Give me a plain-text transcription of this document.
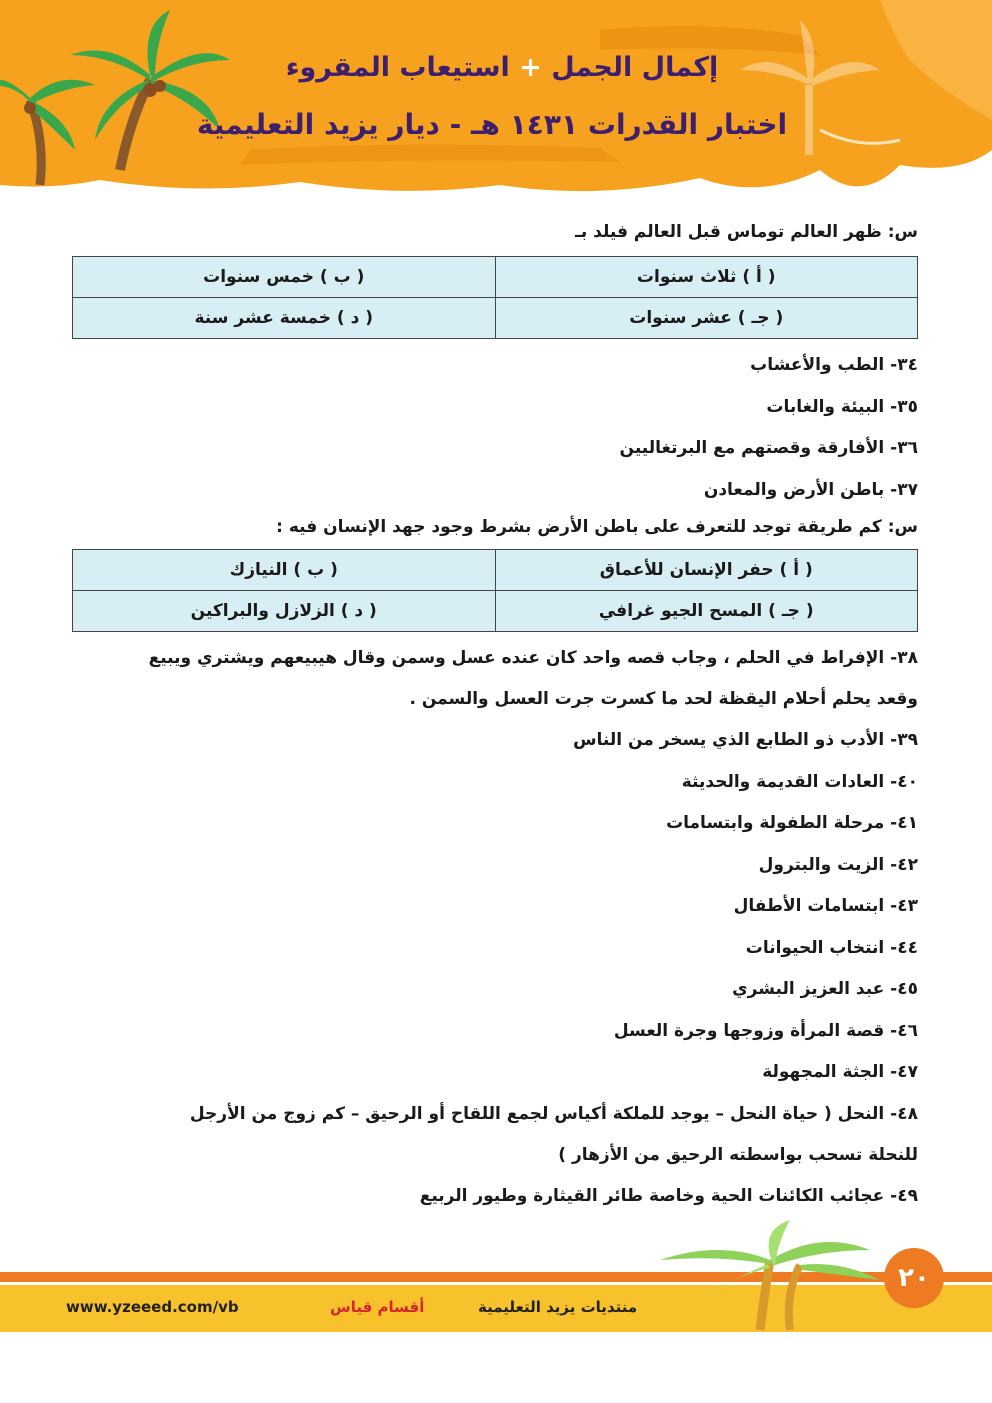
إكمال الجمل + استيعاب المقروء
اختبار القدرات ١٤٣١ هـ - ديار يزيد التعليمية

س: ظهر العالم توماس قبل العالم فيلد بـ

( أ ) ثلاث سنوات	( ب ) خمس سنوات
( جـ ) عشر سنوات	( د ) خمسة عشر سنة

٣٤- الطب والأعشاب

٣٥- البيئة والغابات

٣٦- الأفارقة وقصتهم مع البرتغاليين

٣٧- باطن الأرض والمعادن

س: كم طريقة توجد للتعرف على باطن الأرض بشرط وجود جهد الإنسان فيه :

( أ ) حفر الإنسان للأعماق	( ب ) النيازك
( جـ ) المسح الجيو غرافي	( د ) الزلازل والبراكين

٣٨- الإفراط في الحلم ، وجاب قصه واحد كان عنده عسل وسمن وقال هيبيعهم ويشتري ويبيع

وقعد يحلم أحلام اليقظة لحد ما كسرت جرت العسل والسمن .

٣٩- الأدب ذو الطابع الذي يسخر من الناس

٤٠- العادات القديمة والحديثة

٤١- مرحلة الطفولة وابتسامات

٤٢- الزيت والبترول

٤٣- ابتسامات الأطفال

٤٤- انتخاب الحيوانات

٤٥- عبد العزيز البشري

٤٦- قصة المرأة وزوجها وجرة العسل

٤٧- الجثة المجهولة

٤٨- النحل ( حياة النحل – يوجد للملكة أكياس لجمع اللقاح أو الرحيق – كم زوج من الأرجل

للنحلة تسحب بواسطته الرحيق من الأزهار )

٤٩- عجائب الكائنات الحية وخاصة طائر القيثارة وطيور الربيع

٢٠
www.yzeeed.com/vb	أقسام قياس	منتديات يزيد التعليمية
